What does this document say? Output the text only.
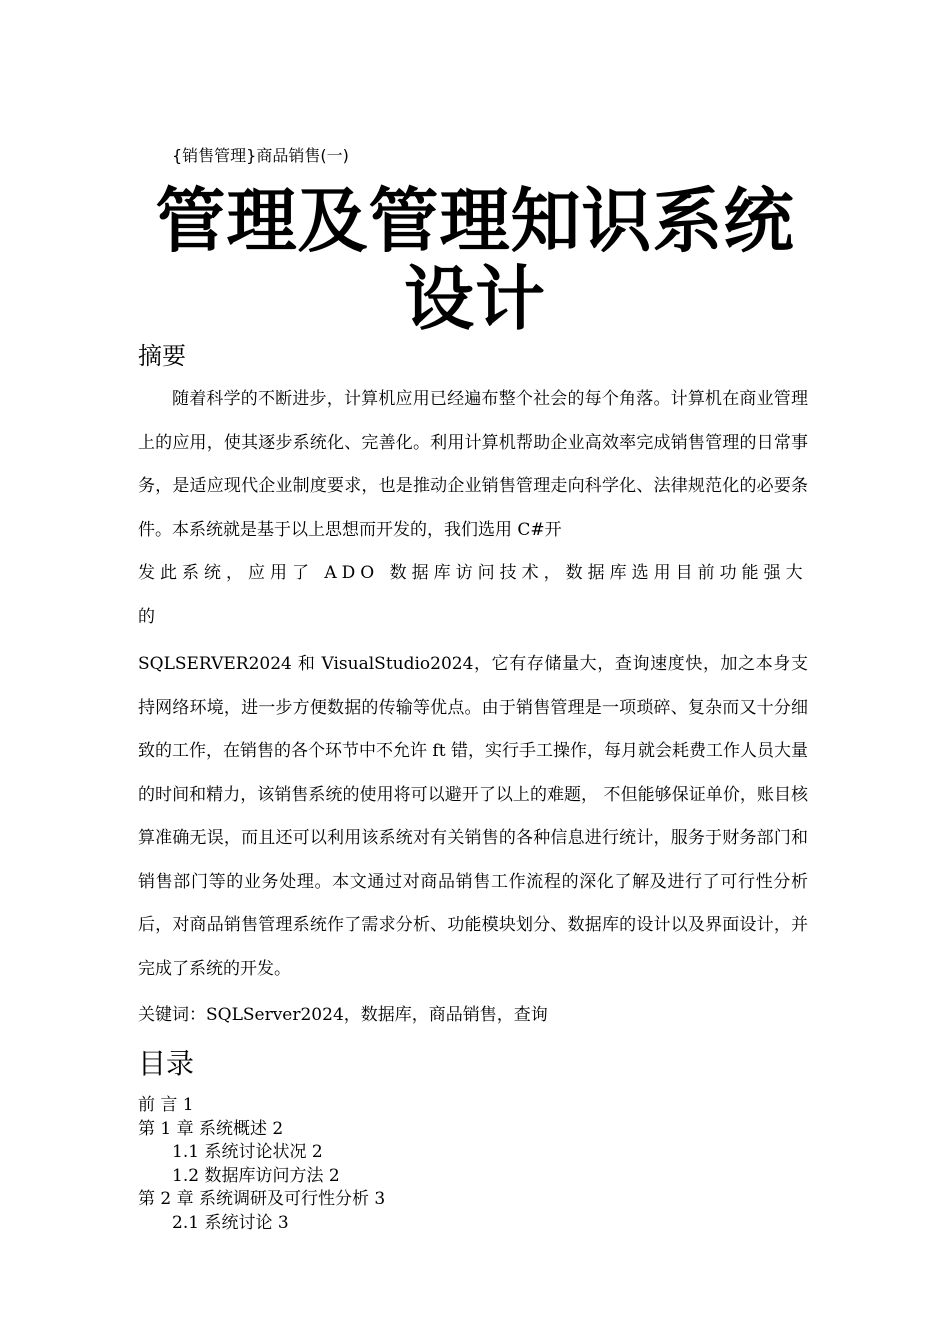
{销售管理}商品销售(一)
管理及管理知识系统
设计
摘要

随着科学的不断进步，计算机应用已经遍布整个社会的每个角落。计算机在商业管理上的应用，使其逐步系统化、完善化。利用计算机帮助企业高效率完成销售管理的日常事务，是适应现代企业制度要求，也是推动企业销售管理走向科学化、法律规范化的必要条件。本系统就是基于以上思想而开发的，我们选用 C#开

发此系统，应用了 ADO 数据库访问技术，数据库选用目前功能强大

的

SQLSERVER2024 和 VisualStudio2024，它有存储量大，查询速度快，加之本身支持网络环境，进一步方便数据的传输等优点。由于销售管理是一项琐碎、复杂而又十分细致的工作，在销售的各个环节中不允许 ft 错，实行手工操作，每月就会耗费工作人员大量的时间和精力，该销售系统的使用将可以避开了以上的难题， 不但能够保证单价，账目核算准确无误，而且还可以利用该系统对有关销售的各种信息进行统计，服务于财务部门和销售部门等的业务处理。本文通过对商品销售工作流程的深化了解及进行了可行性分析后，对商品销售管理系统作了需求分析、功能模块划分、数据库的设计以及界面设计，并完成了系统的开发。

关键词：SQLServer2024，数据库，商品销售，查询
目录
前 言 1
第 1 章 系统概述 2
1.1 系统讨论状况 2
1.2 数据库访问方法 2
第 2 章 系统调研及可行性分析 3
2.1 系统讨论 3
